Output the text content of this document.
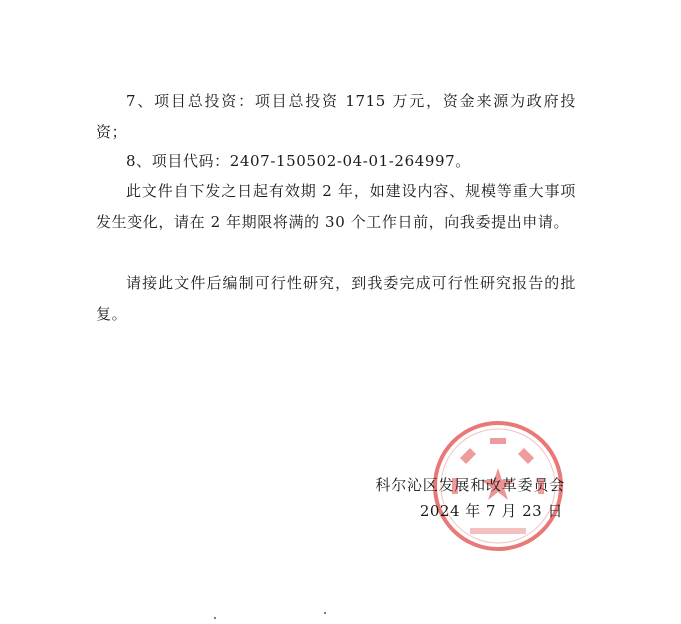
7、项目总投资：项目总投资 1715 万元，资金来源为政府投资；

8、项目代码：2407-150502-04-01-264997。

此文件自下发之日起有效期 2 年，如建设内容、规模等重大事项发生变化，请在 2 年期限将满的 30 个工作日前，向我委提出申请。

请接此文件后编制可行性研究，到我委完成可行性研究报告的批复。

科尔沁区发展和改革委员会
2024 年 7 月 23 日
